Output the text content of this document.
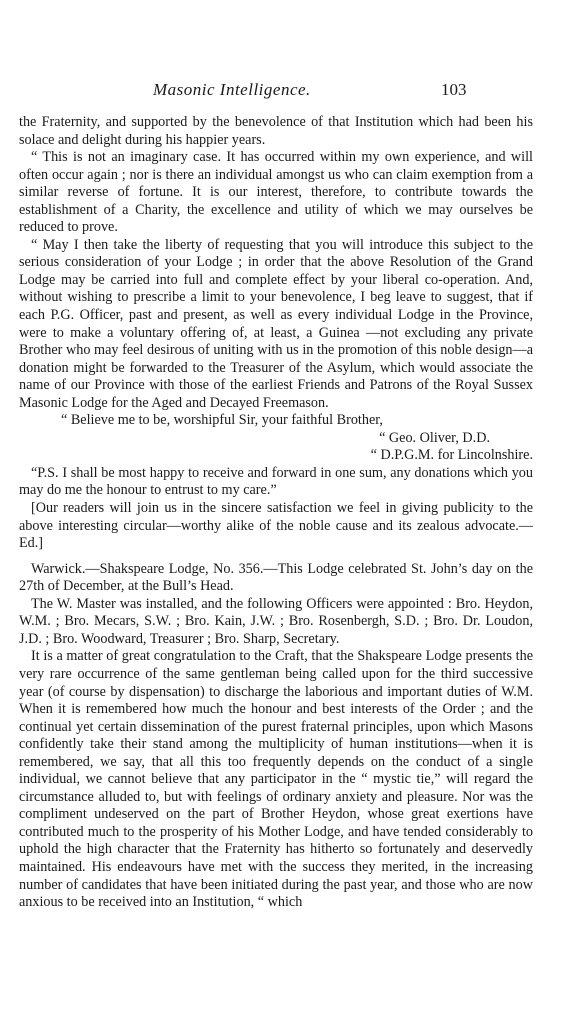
Masonic Intelligence.	103

the Fraternity, and supported by the benevolence of that Institution which had been his solace and delight during his happier years.

“ This is not an imaginary case. It has occurred within my own experience, and will often occur again ; nor is there an individual amongst us who can claim exemption from a similar reverse of fortune. It is our interest, therefore, to contribute towards the establishment of a Charity, the excellence and utility of which we may ourselves be reduced to prove.

“ May I then take the liberty of requesting that you will introduce this subject to the serious consideration of your Lodge ; in order that the above Resolution of the Grand Lodge may be carried into full and complete effect by your liberal co-operation. And, without wishing to prescribe a limit to your benevolence, I beg leave to suggest, that if each P.G. Officer, past and present, as well as every individual Lodge in the Province, were to make a voluntary offering of, at least, a Guinea —not excluding any private Brother who may feel desirous of uniting with us in the promotion of this noble design—a donation might be forwarded to the Treasurer of the Asylum, which would associate the name of our Province with those of the earliest Friends and Patrons of the Royal Sussex Masonic Lodge for the Aged and Decayed Freemason.

“ Believe me to be, worshipful Sir, your faithful Brother,

“ Geo. Oliver, D.D.

“ D.P.G.M. for Lincolnshire.

“P.S. I shall be most happy to receive and forward in one sum, any donations which you may do me the honour to entrust to my care.”

[Our readers will join us in the sincere satisfaction we feel in giving publicity to the above interesting circular—worthy alike of the noble cause and its zealous advocate.—Ed.]

Warwick.—Shakspeare Lodge, No. 356.—This Lodge celebrated St. John’s day on the 27th of December, at the Bull’s Head.

The W. Master was installed, and the following Officers were appointed : Bro. Heydon, W.M. ; Bro. Mecars, S.W. ; Bro. Kain, J.W. ; Bro. Rosenbergh, S.D. ; Bro. Dr. Loudon, J.D. ; Bro. Woodward, Treasurer ; Bro. Sharp, Secretary.

It is a matter of great congratulation to the Craft, that the Shakspeare Lodge presents the very rare occurrence of the same gentleman being called upon for the third successive year (of course by dispensation) to discharge the laborious and important duties of W.M. When it is remembered how much the honour and best interests of the Order ; and the continual yet certain dissemination of the purest fraternal principles, upon which Masons confidently take their stand among the multiplicity of human institutions—when it is remembered, we say, that all this too frequently depends on the conduct of a single individual, we cannot believe that any participator in the “ mystic tie,” will regard the circumstance alluded to, but with feelings of ordinary anxiety and pleasure. Nor was the compliment undeserved on the part of Brother Heydon, whose great exertions have contributed much to the prosperity of his Mother Lodge, and have tended considerably to uphold the high character that the Fraternity has hitherto so fortunately and deservedly maintained. His endeavours have met with the success they merited, in the increasing number of candidates that have been initiated during the past year, and those who are now anxious to be received into an Institution, “ which
